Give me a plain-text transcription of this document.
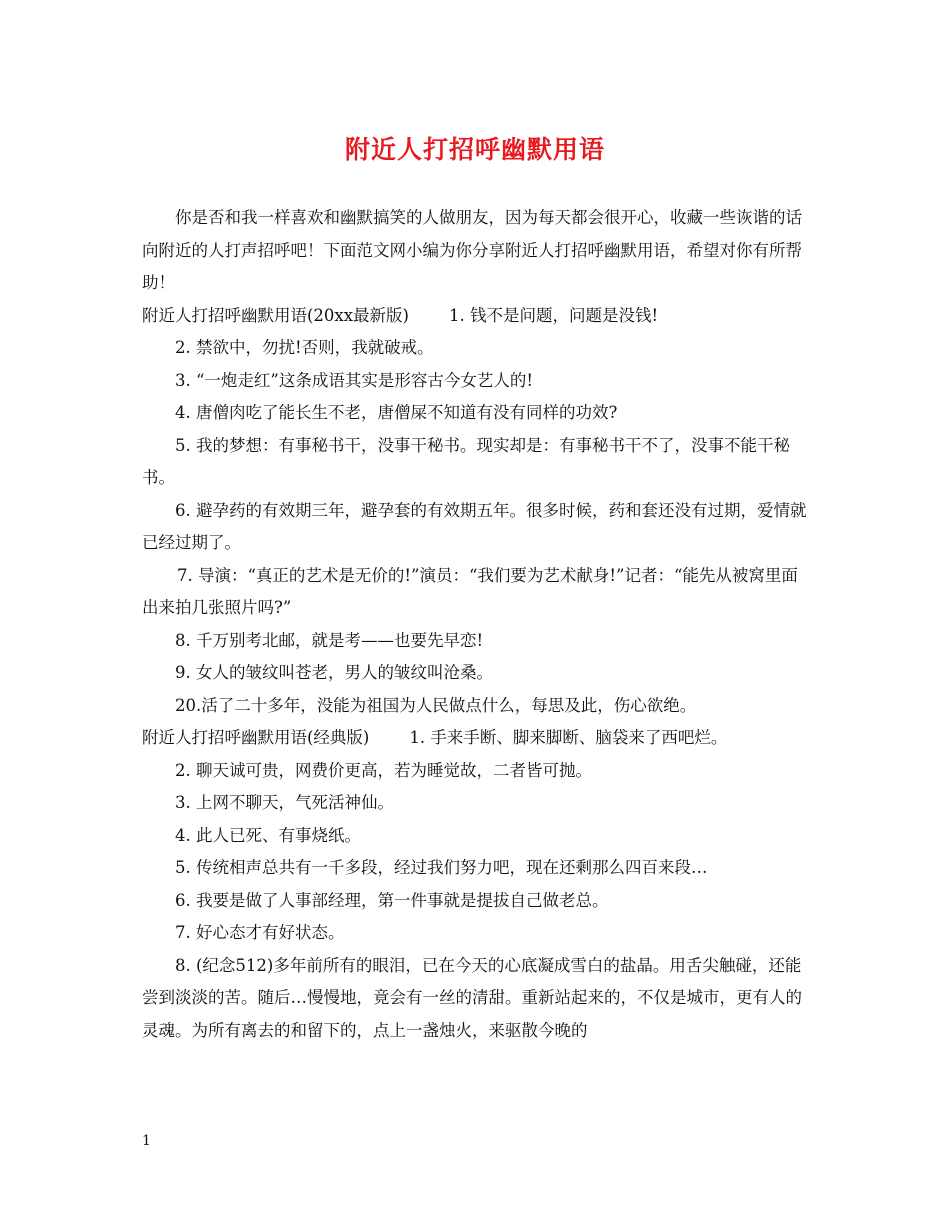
附近人打招呼幽默用语

你是否和我一样喜欢和幽默搞笑的人做朋友，因为每天都会很开心，收藏一些诙谐的话向附近的人打声招呼吧！下面范文网小编为你分享附近人打招呼幽默用语，希望对你有所帮助！

附近人打招呼幽默用语(20xx最新版) 1. 钱不是问题，问题是没钱!

2. 禁欲中，勿扰!否则，我就破戒。

3. “一炮走红”这条成语其实是形容古今女艺人的!

4. 唐僧肉吃了能长生不老，唐僧屎不知道有没有同样的功效?

5. 我的梦想：有事秘书干，没事干秘书。现实却是：有事秘书干不了，没事不能干秘书。

6. 避孕药的有效期三年，避孕套的有效期五年。很多时候，药和套还没有过期，爱情就已经过期了。

7. 导演：“真正的艺术是无价的!”演员：“我们要为艺术献身!”记者：“能先从被窝里面出来拍几张照片吗?”

8. 千万别考北邮，就是考——也要先早恋!

9. 女人的皱纹叫苍老，男人的皱纹叫沧桑。

20.活了二十多年，没能为祖国为人民做点什么，每思及此，伤心欲绝。

附近人打招呼幽默用语(经典版) 1. 手来手断、脚来脚断、脑袋来了西吧烂。

2. 聊天诚可贵，网费价更高，若为睡觉故，二者皆可抛。

3. 上网不聊天，气死活神仙。

4. 此人已死、有事烧纸。

5. 传统相声总共有一千多段，经过我们努力吧，现在还剩那么四百来段…

6. 我要是做了人事部经理，第一件事就是提拔自己做老总。

7. 好心态才有好状态。

8. (纪念512)多年前所有的眼泪，已在今天的心底凝成雪白的盐晶。用舌尖触碰，还能尝到淡淡的苦。随后…慢慢地，竟会有一丝的清甜。重新站起来的，不仅是城市，更有人的灵魂。为所有离去的和留下的，点上一盏烛火，来驱散今晚的

1
